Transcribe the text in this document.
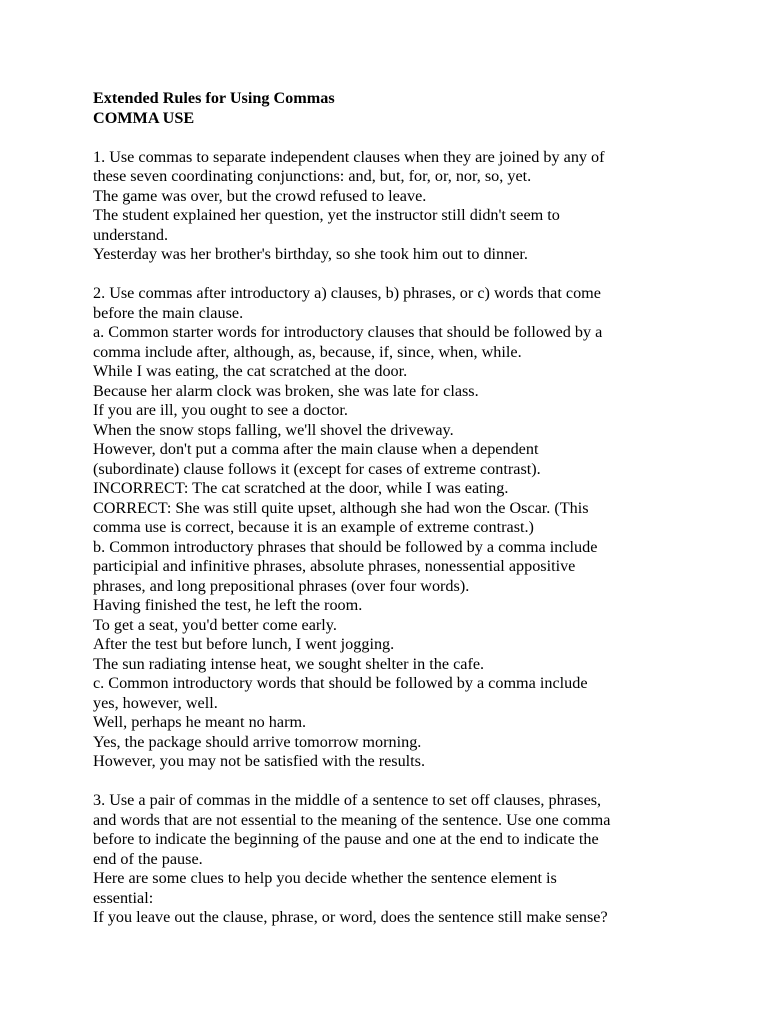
Extended Rules for Using Commas
COMMA USE
1. Use commas to separate independent clauses when they are joined by any of
these seven coordinating conjunctions: and, but, for, or, nor, so, yet.
The game was over, but the crowd refused to leave.
The student explained her question, yet the instructor still didn't seem to
understand.
Yesterday was her brother's birthday, so she took him out to dinner.
2. Use commas after introductory a) clauses, b) phrases, or c) words that come
before the main clause.
a. Common starter words for introductory clauses that should be followed by a
comma include after, although, as, because, if, since, when, while.
While I was eating, the cat scratched at the door.
Because her alarm clock was broken, she was late for class.
If you are ill, you ought to see a doctor.
When the snow stops falling, we'll shovel the driveway.
However, don't put a comma after the main clause when a dependent
(subordinate) clause follows it (except for cases of extreme contrast).
INCORRECT: The cat scratched at the door, while I was eating.
CORRECT: She was still quite upset, although she had won the Oscar. (This
comma use is correct, because it is an example of extreme contrast.)
b. Common introductory phrases that should be followed by a comma include
participial and infinitive phrases, absolute phrases, nonessential appositive
phrases, and long prepositional phrases (over four words).
Having finished the test, he left the room.
To get a seat, you'd better come early.
After the test but before lunch, I went jogging.
The sun radiating intense heat, we sought shelter in the cafe.
c. Common introductory words that should be followed by a comma include
yes, however, well.
Well, perhaps he meant no harm.
Yes, the package should arrive tomorrow morning.
However, you may not be satisfied with the results.
3. Use a pair of commas in the middle of a sentence to set off clauses, phrases,
and words that are not essential to the meaning of the sentence. Use one comma
before to indicate the beginning of the pause and one at the end to indicate the
end of the pause.
Here are some clues to help you decide whether the sentence element is
essential:
If you leave out the clause, phrase, or word, does the sentence still make sense?
